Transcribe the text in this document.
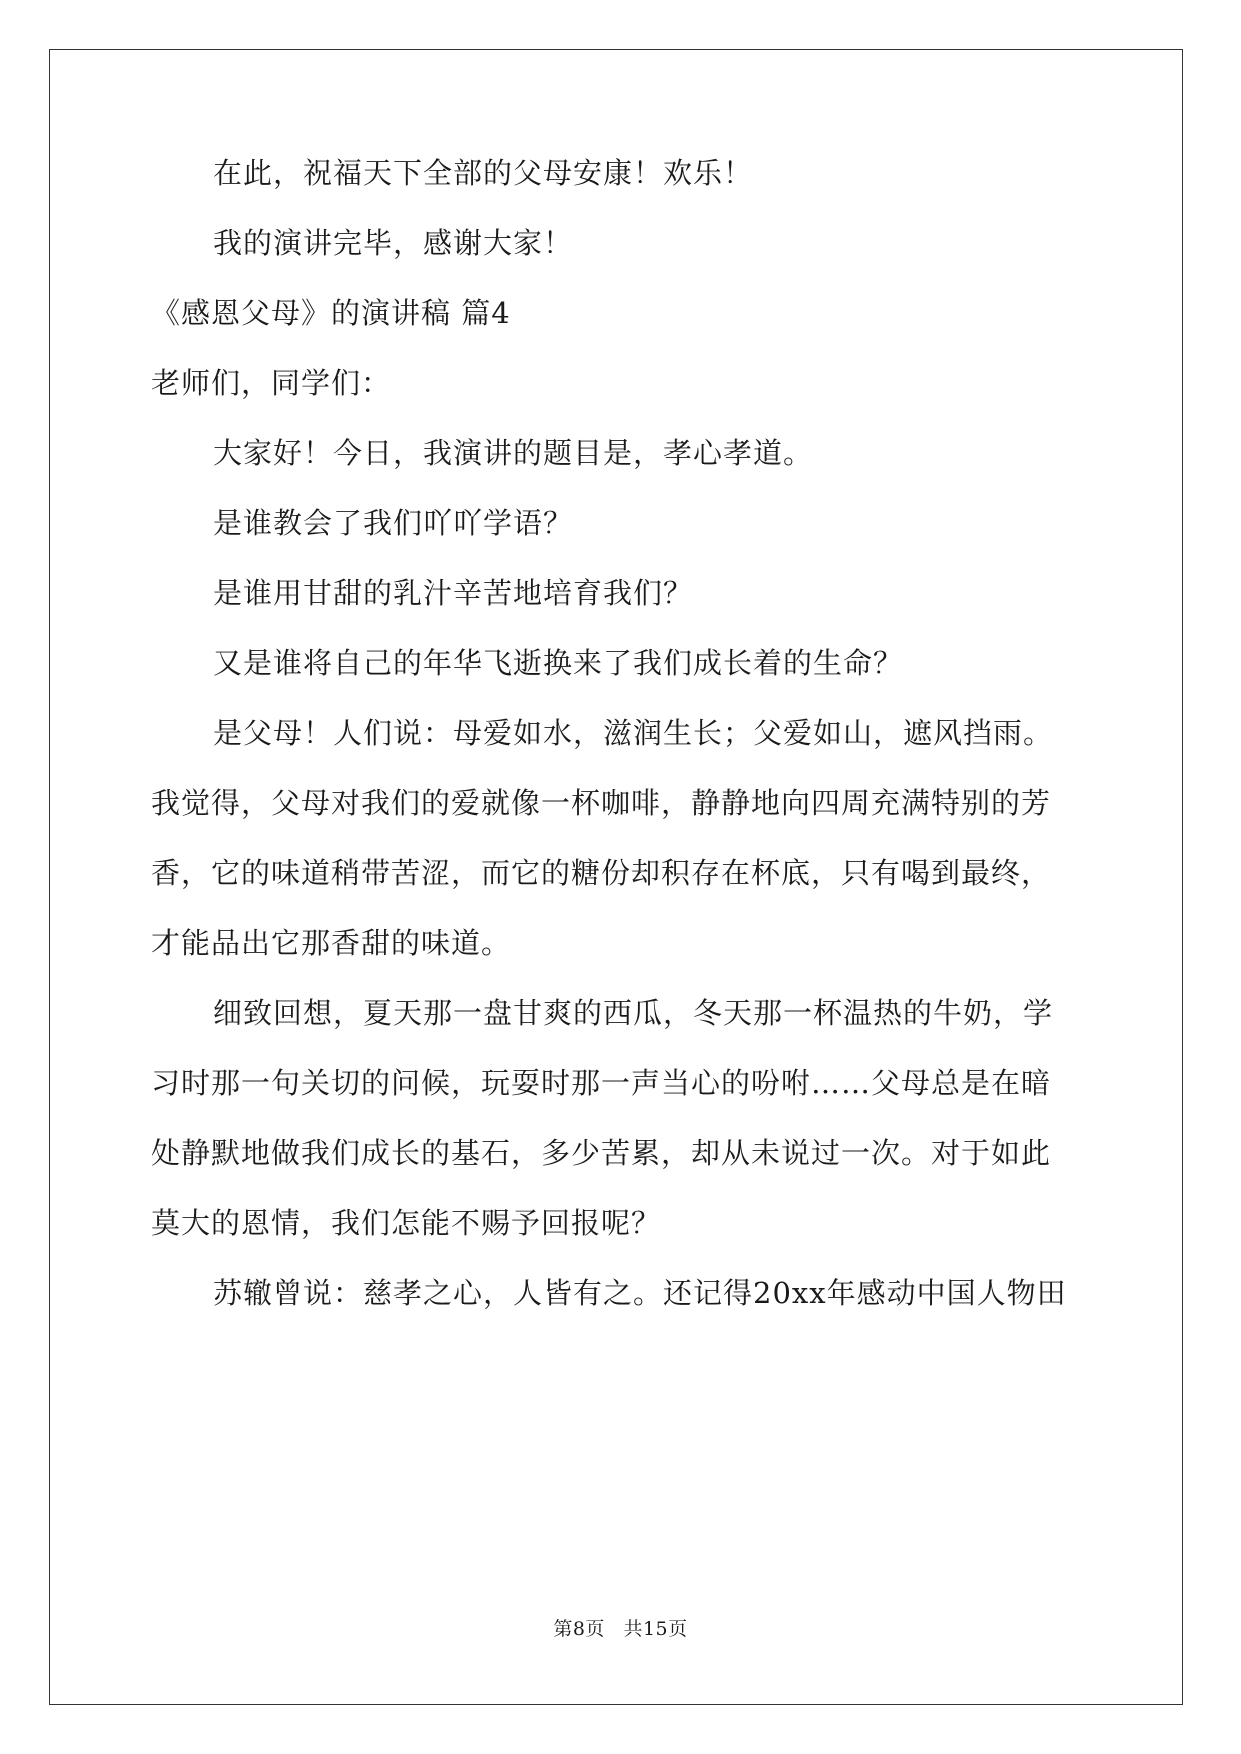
在此，祝福天下全部的父母安康！欢乐！
我的演讲完毕，感谢大家！
《感恩父母》的演讲稿 篇4
老师们，同学们：
大家好！今日，我演讲的题目是，孝心孝道。
是谁教会了我们吖吖学语？
是谁用甘甜的乳汁辛苦地培育我们？
又是谁将自己的年华飞逝换来了我们成长着的生命？
是父母！人们说：母爱如水，滋润生长；父爱如山，遮风挡雨。
我觉得，父母对我们的爱就像一杯咖啡，静静地向四周充满特别的芳
香，它的味道稍带苦涩，而它的糖份却积存在杯底，只有喝到最终，
才能品出它那香甜的味道。
细致回想，夏天那一盘甘爽的西瓜，冬天那一杯温热的牛奶，学
习时那一句关切的问候，玩耍时那一声当心的吩咐……父母总是在暗
处静默地做我们成长的基石，多少苦累，却从未说过一次。对于如此
莫大的恩情，我们怎能不赐予回报呢？
苏辙曾说：慈孝之心，人皆有之。还记得20xx年感动中国人物田
第8页 共15页
